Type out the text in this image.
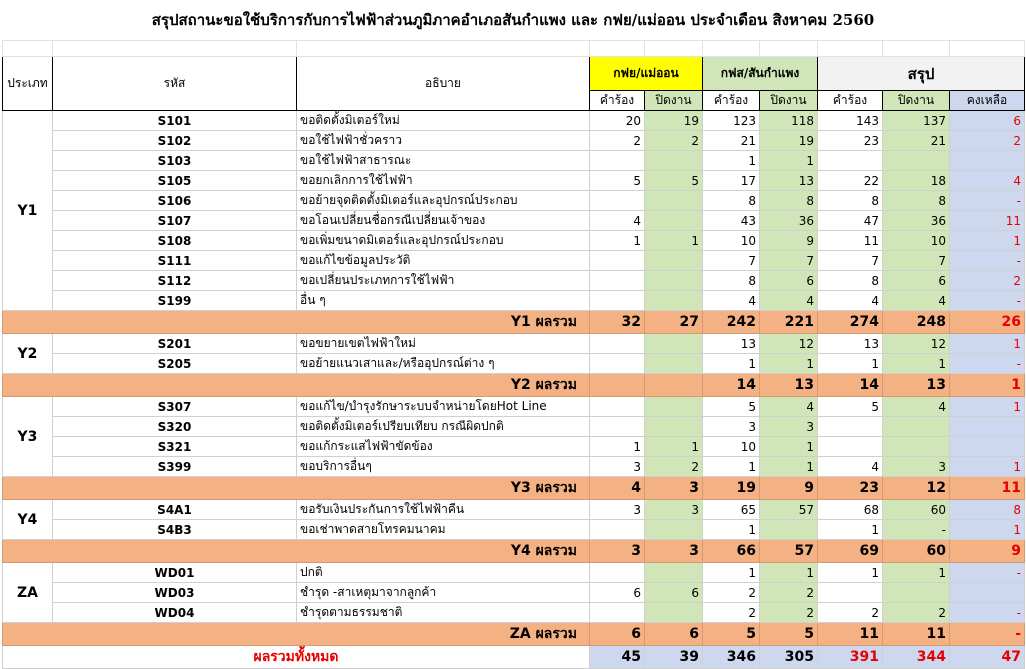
สรุปสถานะขอใช้บริการกับการไฟฟ้าส่วนภูมิภาคอำเภอสันกำแพง และ กฟย/แม่ออน ประจำเดือน สิงหาคม 2560

ประเภท	รหัส	อธิบาย	กฟย/แม่ออน		กฟส/สันกำแพง		สรุป		
			คำร้อง	ปิดงาน	คำร้อง	ปิดงาน	คำร้อง	ปิดงาน	คงเหลือ
Y1	S101	ขอติดตั้งมิเตอร์ใหม่	20	19	123	118	143	137	6
	S102	ขอใช้ไฟฟ้าชั่วคราว	2	2	21	19	23	21	2
	S103	ขอใช้ไฟฟ้าสาธารณะ			1	1			
	S105	ขอยกเลิกการใช้ไฟฟ้า	5	5	17	13	22	18	4
	S106	ขอย้ายจุดติดตั้งมิเตอร์และอุปกรณ์ประกอบ			8	8	8	8	-
	S107	ขอโอนเปลี่ยนชื่อกรณีเปลี่ยนเจ้าของ	4		43	36	47	36	11
	S108	ขอเพิ่มขนาดมิเตอร์และอุปกรณ์ประกอบ	1	1	10	9	11	10	1
	S111	ขอแก้ไขข้อมูลประวัติ			7	7	7	7	-
	S112	ขอเปลี่ยนประเภทการใช้ไฟฟ้า			8	6	8	6	2
	S199	อื่น ๆ			4	4	4	4	-
Y1 ผลรวม			32	27	242	221	274	248	26
Y2	S201	ขอขยายเขตไฟฟ้าใหม่			13	12	13	12	1
	S205	ขอย้ายแนวเสาและ/หรืออุปกรณ์ต่าง ๆ			1	1	1	1	-
Y2 ผลรวม					14	13	14	13	1
Y3	S307	ขอแก้ไข/บำรุงรักษาระบบจำหน่ายโดยHot Line			5	4	5	4	1
	S320	ขอติดตั้งมิเตอร์เปรียบเทียบ กรณีผิดปกติ			3	3			
	S321	ขอแก้กระแสไฟฟ้าขัดข้อง	1	1	10	1			
	S399	ขอบริการอื่นๆ	3	2	1	1	4	3	1
Y3 ผลรวม			4	3	19	9	23	12	11
Y4	S4A1	ขอรับเงินประกันการใช้ไฟฟ้าคืน	3	3	65	57	68	60	8
	S4B3	ขอเช่าพาดสายโทรคมนาคม			1		1	-	1
Y4 ผลรวม			3	3	66	57	69	60	9
ZA	WD01	ปกติ			1	1	1	1	-
	WD03	ชำรุด -สาเหตุมาจากลูกค้า	6	6	2	2			
	WD04	ชำรุดตามธรรมชาติ			2	2	2	2	-
ZA ผลรวม			6	6	5	5	11	11	-
ผลรวมทั้งหมด			45	39	346	305	391	344	47
